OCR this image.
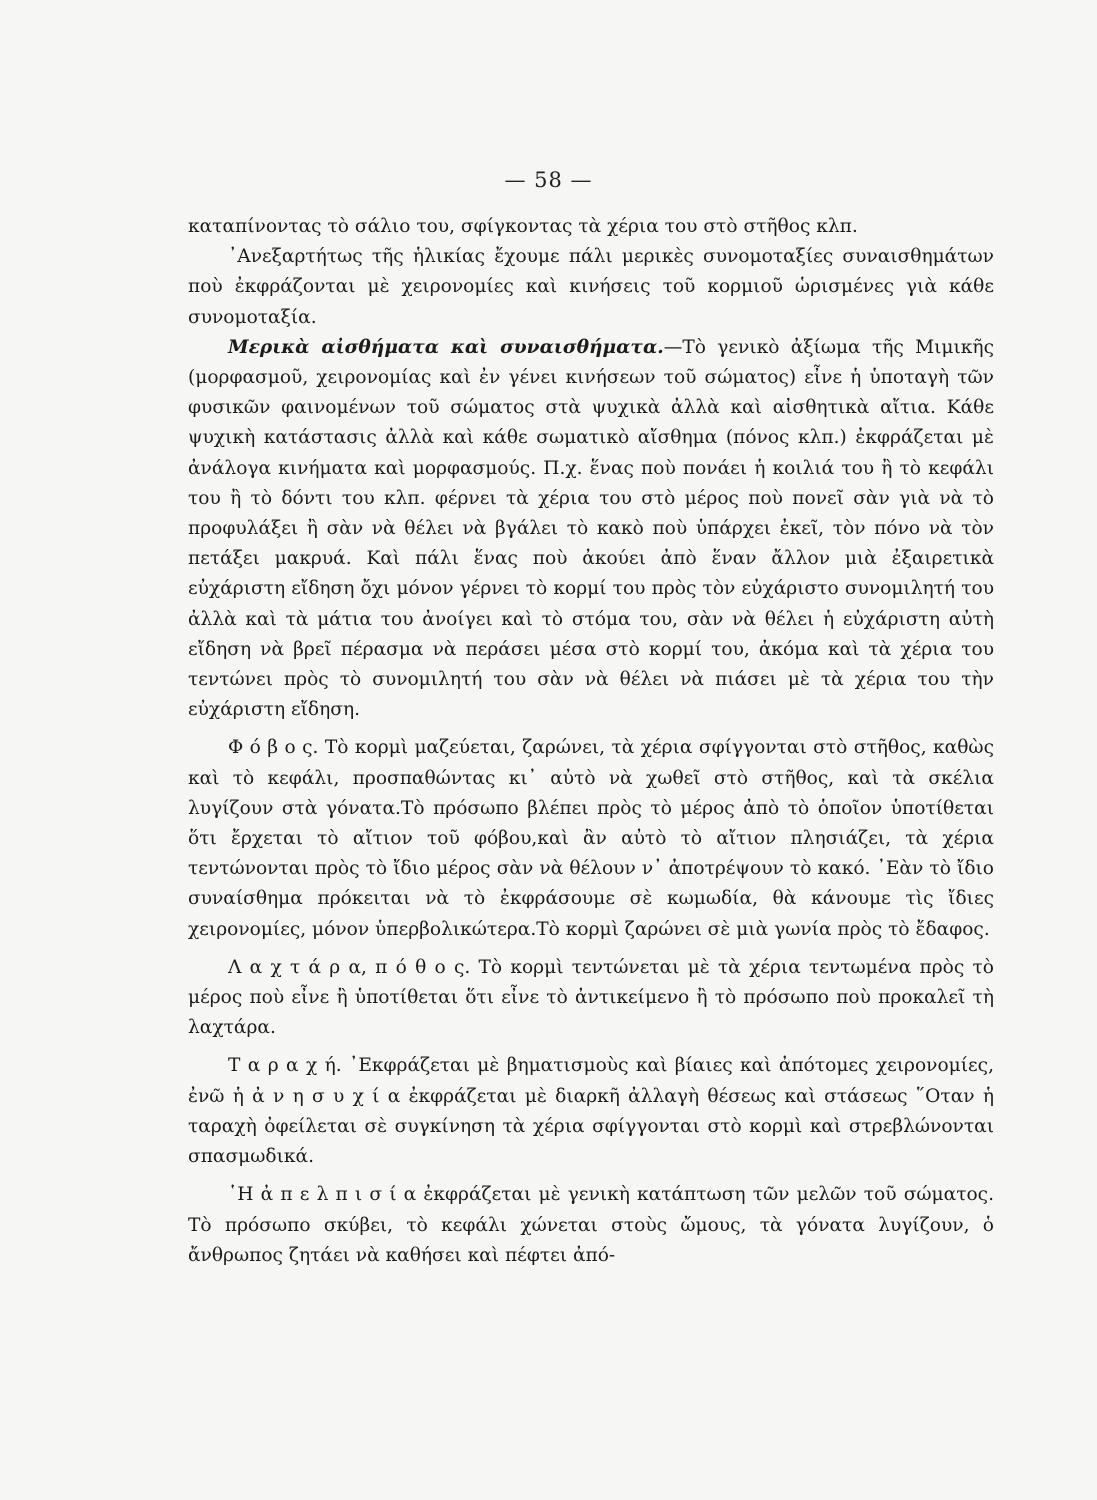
— 58 —

καταπίνοντας τὸ σάλιο του, σφίγκοντας τὰ χέρια του στὸ στῆθος κλπ.

᾿Ανεξαρτήτως τῆς ἡλικίας ἔχουμε πάλι μερικὲς συνομοταξίες συναισθημάτων ποὺ ἐκφράζονται μὲ χειρονομίες καὶ κινήσεις τοῦ κορμιοῦ ὡρισμένες γιὰ κάθε συνομοταξία.

Μερικὰ αἰσθήματα καὶ συναισθήματα.—Τὸ γενικὸ ἀξίωμα τῆς Μιμικῆς (μορφασμοῦ, χειρονομίας καὶ ἐν γένει κινήσεων τοῦ σώματος) εἶνε ἡ ὑποταγὴ τῶν φυσικῶν φαινομένων τοῦ σώματος στὰ ψυχικὰ ἀλλὰ καὶ αἰσθητικὰ αἴτια. Κάθε ψυχικὴ κατάστασις ἀλλὰ καὶ κάθε σωματικὸ αἴσθημα (πόνος κλπ.) ἐκφράζεται μὲ ἀνάλογα κινήματα καὶ μορφασμούς. Π.χ. ἕνας ποὺ πονάει ἡ κοιλιά του ἢ τὸ κεφάλι του ἢ τὸ δόντι του κλπ. φέρνει τὰ χέρια του στὸ μέρος ποὺ πονεῖ σὰν γιὰ νὰ τὸ προφυλάξει ἢ σὰν νὰ θέλει νὰ βγάλει τὸ κακὸ ποὺ ὑπάρχει ἐκεῖ, τὸν πόνο νὰ τὸν πετάξει μακρυά. Καὶ πάλι ἕνας ποὺ ἀκούει ἀπὸ ἕναν ἄλλον μιὰ ἐξαιρετικὰ εὐχάριστη εἴδηση ὄχι μόνον γέρνει τὸ κορμί του πρὸς τὸν εὐχάριστο συνομιλητή του ἀλλὰ καὶ τὰ μάτια του ἀνοίγει καὶ τὸ στόμα του, σὰν νὰ θέλει ἡ εὐχάριστη αὐτὴ εἴδηση νὰ βρεῖ πέρασμα νὰ περάσει μέσα στὸ κορμί του, ἀκόμα καὶ τὰ χέρια του τεντώνει πρὸς τὸ συνομιλητή του σὰν νὰ θέλει νὰ πιάσει μὲ τὰ χέρια του τὴν εὐχάριστη εἴδηση.

Φ ό β ο ς. Τὸ κορμὶ μαζεύεται, ζαρώνει, τὰ χέρια σφίγγονται στὸ στῆθος, καθὼς καὶ τὸ κεφάλι, προσπαθώντας κι᾿ αὐτὸ νὰ χωθεῖ στὸ στῆθος, καὶ τὰ σκέλια λυγίζουν στὰ γόνατα.Τὸ πρόσωπο βλέπει πρὸς τὸ μέρος ἀπὸ τὸ ὁποῖον ὑποτίθεται ὅτι ἔρχεται τὸ αἴτιον τοῦ φόβου,καὶ ἂν αὐτὸ τὸ αἴτιον πλησιάζει, τὰ χέρια τεντώνονται πρὸς τὸ ἴδιο μέρος σὰν νὰ θέλουν ν᾿ ἀποτρέψουν τὸ κακό. ᾿Εὰν τὸ ἴδιο συναίσθημα πρόκειται νὰ τὸ ἐκφράσουμε σὲ κωμωδία, θὰ κάνουμε τὶς ἴδιες χειρονομίες, μόνον ὑπερβολικώτερα.Τὸ κορμὶ ζαρώνει σὲ μιὰ γωνία πρὸς τὸ ἔδαφος.

Λ α χ τ ά ρ α, π ό θ ο ς. Τὸ κορμὶ τεντώνεται μὲ τὰ χέρια τεντωμένα πρὸς τὸ μέρος ποὺ εἶνε ἢ ὑποτίθεται ὅτι εἶνε τὸ ἀντικείμενο ἢ τὸ πρόσωπο ποὺ προκαλεῖ τὴ λαχτάρα.

Τ α ρ α χ ή. ᾿Εκφράζεται μὲ βηματισμοὺς καὶ βίαιες καὶ ἀπότομες χειρονομίες, ἐνῶ ἡ ἀ ν η σ υ χ ί α ἐκφράζεται μὲ διαρκῆ ἀλλαγὴ θέσεως καὶ στάσεως ῞Οταν ἡ ταραχὴ ὀφείλεται σὲ συγκίνηση τὰ χέρια σφίγγονται στὸ κορμὶ καὶ στρεβλώνονται σπασμωδικά.

῾Η ἀ π ε λ π ι σ ί α ἐκφράζεται μὲ γενικὴ κατάπτωση τῶν μελῶν τοῦ σώματος. Τὸ πρόσωπο σκύβει, τὸ κεφάλι χώνεται στοὺς ὤμους, τὰ γόνατα λυγίζουν, ὁ ἄνθρωπος ζητάει νὰ καθήσει καὶ πέφτει ἀπό-
